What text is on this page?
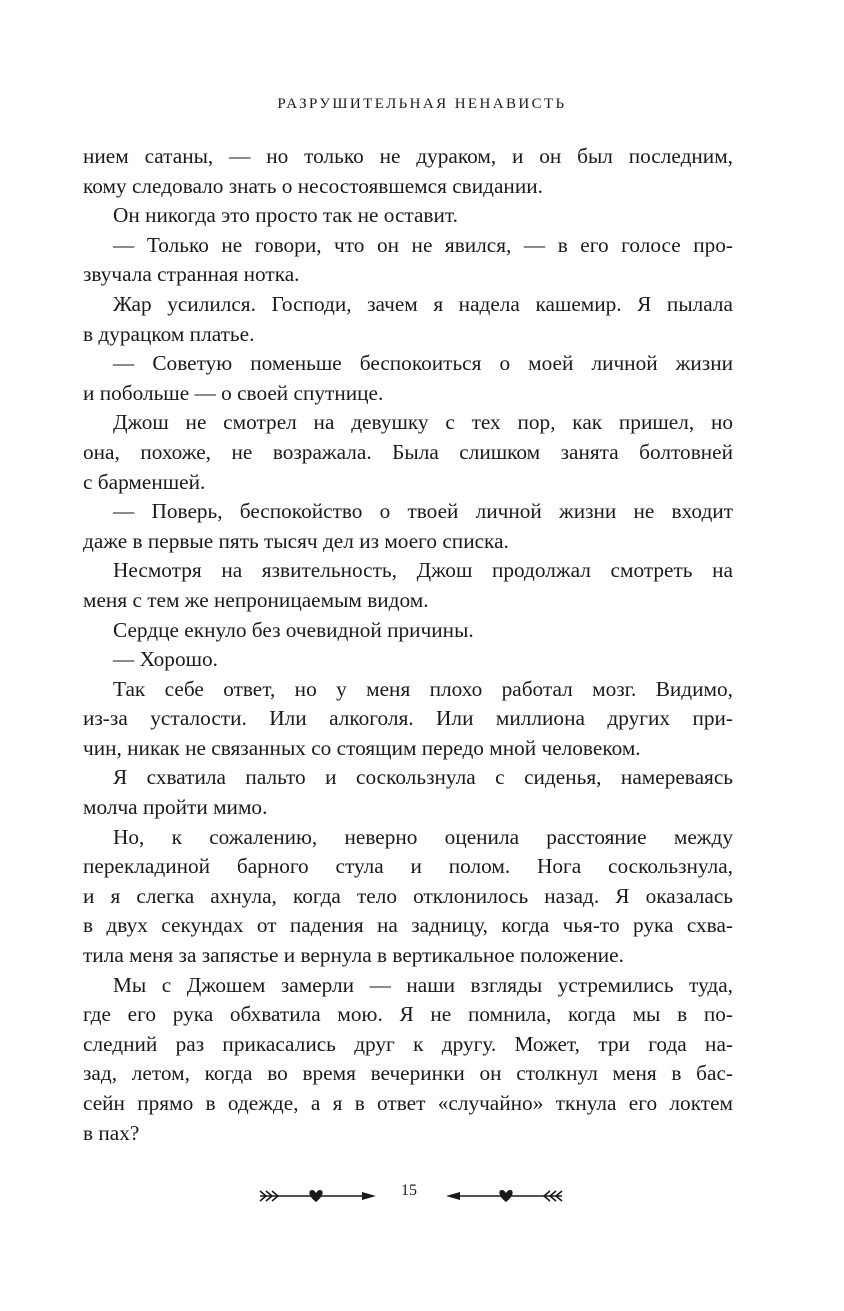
РАЗРУШИТЕЛЬНАЯ НЕНАВИСТЬ
нием сатаны, — но только не дураком, и он был последним,
кому следовало знать о несостоявшемся свидании.
Он никогда это просто так не оставит.
— Только не говори, что он не явился, — в его голосе про-
звучала странная нотка.
Жар усилился. Господи, зачем я надела кашемир. Я пылала
в дурацком платье.
— Советую поменьше беспокоиться о моей личной жизни
и побольше — о своей спутнице.
Джош не смотрел на девушку с тех пор, как пришел, но
она, похоже, не возражала. Была слишком занята болтовней
с барменшей.
— Поверь, беспокойство о твоей личной жизни не входит
даже в первые пять тысяч дел из моего списка.
Несмотря на язвительность, Джош продолжал смотреть на
меня с тем же непроницаемым видом.
Сердце екнуло без очевидной причины.
— Хорошо.
Так себе ответ, но у меня плохо работал мозг. Видимо,
из-за усталости. Или алкоголя. Или миллиона других при-
чин, никак не связанных со стоящим передо мной человеком.
Я схватила пальто и соскользнула с сиденья, намереваясь
молча пройти мимо.
Но, к сожалению, неверно оценила расстояние между
перекладиной барного стула и полом. Нога соскользнула,
и я слегка ахнула, когда тело отклонилось назад. Я оказалась
в двух секундах от падения на задницу, когда чья-то рука схва-
тила меня за запястье и вернула в вертикальное положение.
Мы с Джошем замерли — наши взгляды устремились туда,
где его рука обхватила мою. Я не помнила, когда мы в по-
следний раз прикасались друг к другу. Может, три года на-
зад, летом, когда во время вечеринки он столкнул меня в бас-
сейн прямо в одежде, а я в ответ «случайно» ткнула его локтем
в пах?
15
